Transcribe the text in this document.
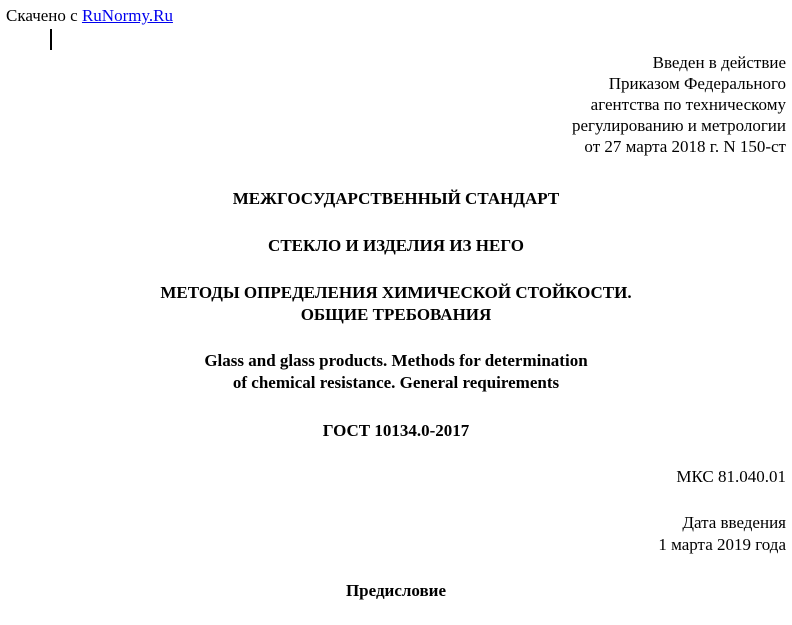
Скачено с RuNormy.Ru
Введен в действие
Приказом Федерального
агентства по техническому
регулированию и метрологии
от 27 марта 2018 г. N 150-ст
МЕЖГОСУДАРСТВЕННЫЙ СТАНДАРТ
СТЕКЛО И ИЗДЕЛИЯ ИЗ НЕГО
МЕТОДЫ ОПРЕДЕЛЕНИЯ ХИМИЧЕСКОЙ СТОЙКОСТИ.
ОБЩИЕ ТРЕБОВАНИЯ
Glass and glass products. Methods for determination
of chemical resistance. General requirements
ГОСТ 10134.0-2017
МКС 81.040.01
Дата введения
1 марта 2019 года
Предисловие
